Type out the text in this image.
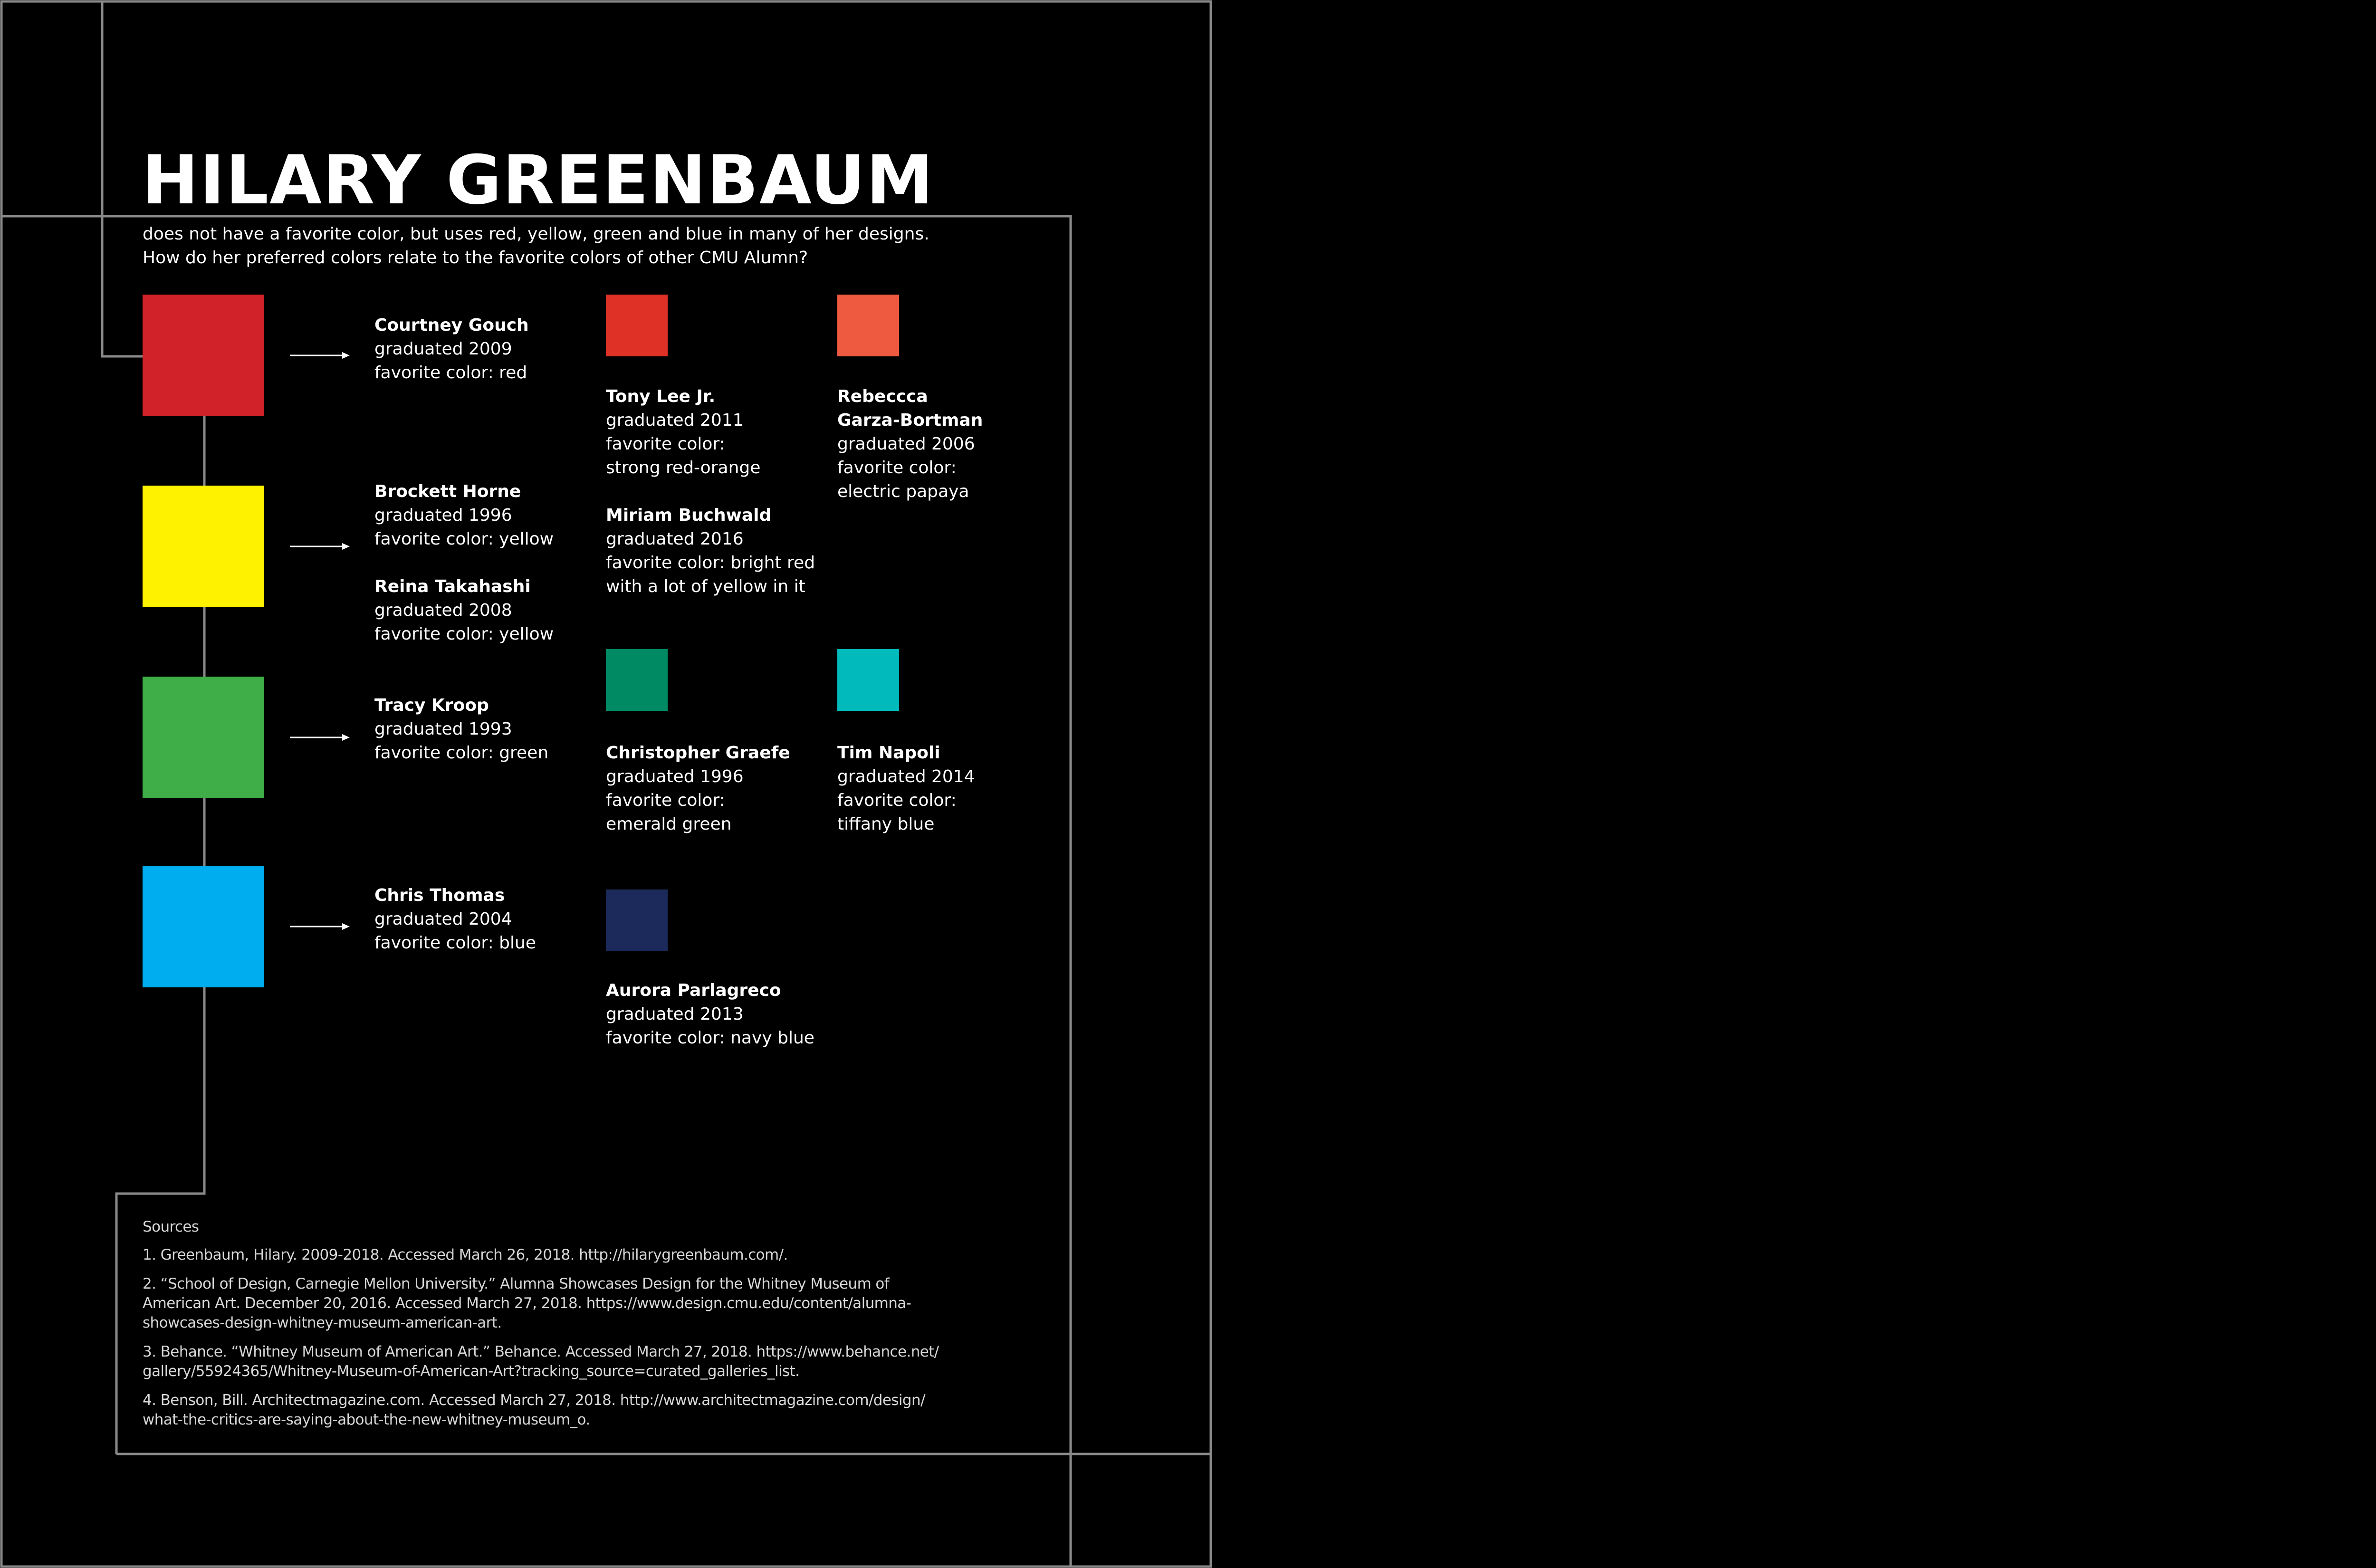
HILARY GREENBAUM
does not have a favorite color, but uses red, yellow, green and blue in many of her designs.
How do her preferred colors relate to the favorite colors of other CMU Alumn?
Courtney Gouch
graduated 2009
favorite color: red
Brockett Horne
graduated 1996
favorite color: yellow
Reina Takahashi
graduated 2008
favorite color: yellow
Tracy Kroop
graduated 1993
favorite color: green
Chris Thomas
graduated 2004
favorite color: blue
Tony Lee Jr.
graduated 2011
favorite color:
strong red-orange
Miriam Buchwald
graduated 2016
favorite color: bright red
with a lot of yellow in it
Rebeccca
Garza-Bortman
graduated 2006
favorite color:
electric papaya
Christopher Graefe
graduated 1996
favorite color:
emerald green
Tim Napoli
graduated 2014
favorite color:
tiffany blue
Aurora Parlagreco
graduated 2013
favorite color: navy blue
Sources
1. Greenbaum, Hilary. 2009-2018. Accessed March 26, 2018. http://hilarygreenbaum.com/.
2. “School of Design, Carnegie Mellon University.” Alumna Showcases Design for the Whitney Museum of
American Art. December 20, 2016. Accessed March 27, 2018. https://www.design.cmu.edu/content/alumna-
showcases-design-whitney-museum-american-art.
3. Behance. “Whitney Museum of American Art.” Behance. Accessed March 27, 2018. https://www.behance.net/
gallery/55924365/Whitney-Museum-of-American-Art?tracking_source=curated_galleries_list.
4. Benson, Bill. Architectmagazine.com. Accessed March 27, 2018. http://www.architectmagazine.com/design/
what-the-critics-are-saying-about-the-new-whitney-museum_o.
